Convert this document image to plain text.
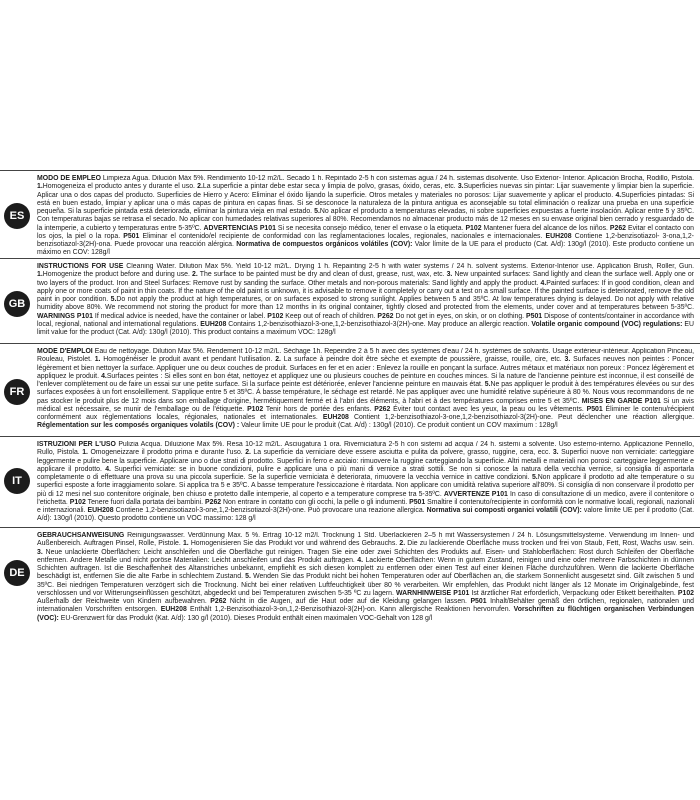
ES
MODO DE EMPLEO Limpieza Agua. Dilución Máx 5%. Rendimiento 10-12 m2/L. Secado 1 h. Repintado 2-5 h con sistemas agua / 24 h. sistemas disolvente. Uso Exterior- Interior. Aplicación Brocha, Rodillo, Pistola. 1.Homogeneiza el producto antes y durante el uso. 2.La superficie a pintar debe estar seca y limpia de polvo, grasas, óxido, ceras, etc. 3.Superficies nuevas sin pintar: Lijar suavemente y limpiar bien la superficie. Aplicar una o dos capas del producto. Superficies de Hierro y Acero: Eliminar el óxido lijando la superficie. Otros metales y materiales no porosos: Lijar suavemente y aplicar el producto. 4.Superficies pintadas: Si está en buen estado, limpiar y aplicar una o más capas de pintura en capas finas. Si se desconoce la naturaleza de la pintura antigua es aconsejable su total eliminación o realizar una prueba en una superficie pequeña. Si la superficie pintada está deteriorada, eliminar la pintura vieja en mal estado. 5.No aplicar el producto a temperaturas elevadas, ni sobre superficies expuestas a fuerte insolación. Aplicar entre 5 y 35ºC. Con temperaturas bajas se retrasa el secado. No aplicar con humedades relativas superiores al 80%. Recomendamos no almacenar producto más de 12 meses en su envase original bien cerrado y resguardado de la intemperie, a cubierto y temperaturas entre 5-35ºC. ADVERTENCIAS P101 Si se necesita consejo médico, tener el envase o la etiqueta. P102 Mantener fuera del alcance de los niños. P262 Evitar el contacto con los ojos, la piel o la ropa. P501 Eliminar el contenido/el recipiente de conformidad con las reglamentaciones locales, regionales, nacionales e internacionales. EUH208 Contiene 1,2-benzisotiazol- 3-ona,1,2-benzisotiazol-3(2H)-ona. Puede provocar una reacción alérgica. Normativa de compuestos orgánicos volátiles (COV): Valor límite de la UE para el producto (Cat. A/d): 130g/l (2010). Este producto contiene un máximo en COV: 128g/l
GB
INSTRUCTIONS FOR USE Cleaning Water. Dilution Max 5%. Yield 10-12 m2/L. Drying 1 h. Repainting 2-5 h with water systems / 24 h. solvent systems. Exterior-Interior use. Application Brush, Roller, Gun. 1.Homogenize the product before and during use. 2. The surface to be painted must be dry and clean of dust, grease, rust, wax, etc. 3. New unpainted surfaces: Sand lightly and clean the surface well. Apply one or two layers of the product. Iron and Steel Surfaces: Remove rust by sanding the surface. Other metals and non-porous materials: Sand lightly and apply the product. 4.Painted surfaces: If in good condition, clean and apply one or more coats of paint in thin coats. If the nature of the old paint is unknown, it is advisable to remove it completely or carry out a test on a small surface. If the painted surface is deteriorated, remove the old paint in poor condition. 5.Do not apply the product at high temperatures, or on surfaces exposed to strong sunlight. Applies between 5 and 35ºC. At low temperatures drying is delayed. Do not apply with relative humidity above 80%. We recommend not storing the product for more than 12 months in its original container, tightly closed and protected from the elements, under cover and at temperatures between 5-35ºC. WARNINGS P101 If medical advice is needed, have the container or label. P102 Keep out of reach of children. P262 Do not get in eyes, on skin, or on clothing. P501 Dispose of contents/container in accordance with local, regional, national and international regulations. EUH208 Contains 1,2-benzisothiazol-3-one,1,2-benzisothiazol-3(2H)-one. May produce an allergic reaction. Volatile organic compound (VOC) regulations: EU limit value for the product (Cat. A/d): 130g/l (2010). This product contains a maximum VOC: 128g/l
FR
MODE D'EMPLOI Eau de nettoyage. Dilution Max 5%. Rendement 10-12 m2/L. Séchage 1h. Repeindre 2 à 5 h avec des systèmes d'eau / 24 h. systèmes de solvants. Usage extérieur-intérieur. Application Pinceau, Rouleau, Pistolet. 1. Homogénéiser le produit avant et pendant l'utilisation. 2. La surface à peindre doit être sèche et exempte de poussière, graisse, rouille, cire, etc. 3. Surfaces neuves non peintes : Poncer légèrement et bien nettoyer la surface. Appliquer une ou deux couches de produit. Surfaces en fer et en acier : Enlevez la rouille en ponçant la surface. Autres métaux et matériaux non poreux : Poncez légèrement et appliquez le produit. 4.Surfaces peintes : Si elles sont en bon état, nettoyez et appliquez une ou plusieurs couches de peinture en couches minces. Si la nature de l'ancienne peinture est inconnue, il est conseillé de l'enlever complètement ou de faire un essai sur une petite surface. Si la surface peinte est détériorée, enlever l'ancienne peinture en mauvais état. 5.Ne pas appliquer le produit à des températures élevées ou sur des surfaces exposées à un fort ensoleillement. S'applique entre 5 et 35ºC. À basse température, le séchage est retardé. Ne pas appliquer avec une humidité relative supérieure à 80 %. Nous vous recommandons de ne pas stocker le produit plus de 12 mois dans son emballage d'origine, hermétiquement fermé et à l'abri des éléments, à l'abri et à des températures comprises entre 5 et 35ºC. MISES EN GARDE P101 Si un avis médical est nécessaire, se munir de l'emballage ou de l'étiquette. P102 Tenir hors de portée des enfants. P262 Éviter tout contact avec les yeux, la peau ou les vêtements. P501 Éliminer le contenu/récipient conformément aux réglementations locales, régionales, nationales et internationales. EUH208 Contient 1,2-benzisothiazol-3-one,1,2-benzisothiazol-3(2H)-one. Peut déclencher une réaction allergique. Réglementation sur les composés organiques volatils (COV) : Valeur limite UE pour le produit (Cat. A/d) : 130g/l (2010). Ce produit contient un COV maximum : 128g/l
IT
ISTRUZIONI PER L'USO Pulizia Acqua. Diluizione Max 5%. Resa 10-12 m2/L. Asciugatura 1 ora. Riverniciatura 2-5 h con sistemi ad acqua / 24 h. sistemi a solvente. Uso esterno-interno. Applicazione Pennello, Rullo, Pistola. 1. Omogeneizzare il prodotto prima e durante l'uso. 2. La superficie da verniciare deve essere asciutta e pulita da polvere, grasso, ruggine, cera, ecc. 3. Superfici nuove non verniciate: carteggiare leggermente e pulire bene la superficie. Applicare uno o due strati di prodotto. Superfici in ferro e acciaio: rimuovere la ruggine carteggiando la superficie. Altri metalli e materiali non porosi: carteggiare leggermente e applicare il prodotto. 4. Superfici verniciate: se in buone condizioni, pulire e applicare una o più mani di vernice a strati sottili. Se non si conosce la natura della vecchia vernice, si consiglia di asportarla completamente o di effettuare una prova su una piccola superficie. Se la superficie verniciata è deteriorata, rimuovere la vecchia vernice in cattive condizioni. 5.Non applicare il prodotto ad alte temperature o su superfici esposte a forte irraggiamento solare. Si applica tra 5 e 35ºC. A basse temperature l'essiccazione è ritardata. Non applicare con umidità relativa superiore all'80%. Si consiglia di non conservare il prodotto per più di 12 mesi nel suo contenitore originale, ben chiuso e protetto dalle intemperie, al coperto e a temperature comprese tra 5-35ºC. AVVERTENZE P101 In caso di consultazione di un medico, avere il contenitore o l'etichetta. P102 Tenere fuori dalla portata dei bambini. P262 Non entrare in contatto con gli occhi, la pelle o gli indumenti. P501 Smaltire il contenuto/recipiente in conformità con le normative locali, regionali, nazionali e internazionali. EUH208 Contiene 1,2-benzisotiazol-3-one,1,2-benzisotiazol-3(2H)-one. Può provocare una reazione allergica. Normativa sui composti organici volatili (COV): valore limite UE per il prodotto (Cat. A/d): 130g/l (2010). Questo prodotto contiene un VOC massimo: 128 g/l
DE
GEBRAUCHSANWEISUNG Reinigungswasser. Verdünnung Max. 5 %. Ertrag 10-12 m2/l. Trocknung 1 Std. Überlackieren 2–5 h mit Wassersystemen / 24 h. Lösungsmittelsysteme. Verwendung im Innen- und Außenbereich. Auftragen Pinsel, Rolle, Pistole. 1. Homogenisieren Sie das Produkt vor und während des Gebrauchs. 2. Die zu lackierende Oberfläche muss trocken und frei von Staub, Fett, Rost, Wachs usw. sein. 3. Neue unlackierte Oberflächen: Leicht anschleifen und die Oberfläche gut reinigen. Tragen Sie eine oder zwei Schichten des Produkts auf. Eisen- und Stahloberflächen: Rost durch Schleifen der Oberfläche entfernen. Andere Metalle und nicht poröse Materialien: Leicht anschleifen und das Produkt auftragen. 4. Lackierte Oberflächen: Wenn in gutem Zustand, reinigen und eine oder mehrere Farbschichten in dünnen Schichten auftragen. Ist die Beschaffenheit des Altanstriches unbekannt, empfiehlt es sich diesen komplett zu entfernen oder einen Test auf einer kleinen Fläche durchzuführen. Wenn die lackierte Oberfläche beschädigt ist, entfernen Sie die alte Farbe in schlechtem Zustand. 5. Wenden Sie das Produkt nicht bei hohen Temperaturen oder auf Oberflächen an, die starkem Sonnenlicht ausgesetzt sind. Gilt zwischen 5 und 35ºC. Bei niedrigen Temperaturen verzögert sich die Trocknung. Nicht bei einer relativen Luftfeuchtigkeit über 80 % verarbeiten. Wir empfehlen, das Produkt nicht länger als 12 Monate im Originalgebinde, fest verschlossen und vor Witterungseinflüssen geschützt, abgedeckt und bei Temperaturen zwischen 5-35 ºC zu lagern. WARNHINWEISE P101 Ist ärztlicher Rat erforderlich, Verpackung oder Etikett bereithalten. P102 Außerhalb der Reichweite von Kindern aufbewahren. P262 Nicht in die Augen, auf die Haut oder auf die Kleidung gelangen lassen. P501 Inhalt/Behälter gemäß den örtlichen, regionalen, nationalen und internationalen Vorschriften entsorgen. EUH208 Enthält 1,2-Benzisothiazol-3-on,1,2-Benzisothiazol-3(2H)-on. Kann allergische Reaktionen hervorrufen. Vorschriften zu flüchtigen organischen Verbindungen (VOC): EU-Grenzwert für das Produkt (Kat. A/d): 130 g/l (2010). Dieses Produkt enthält einen maximalen VOC-Gehalt von 128 g/l
